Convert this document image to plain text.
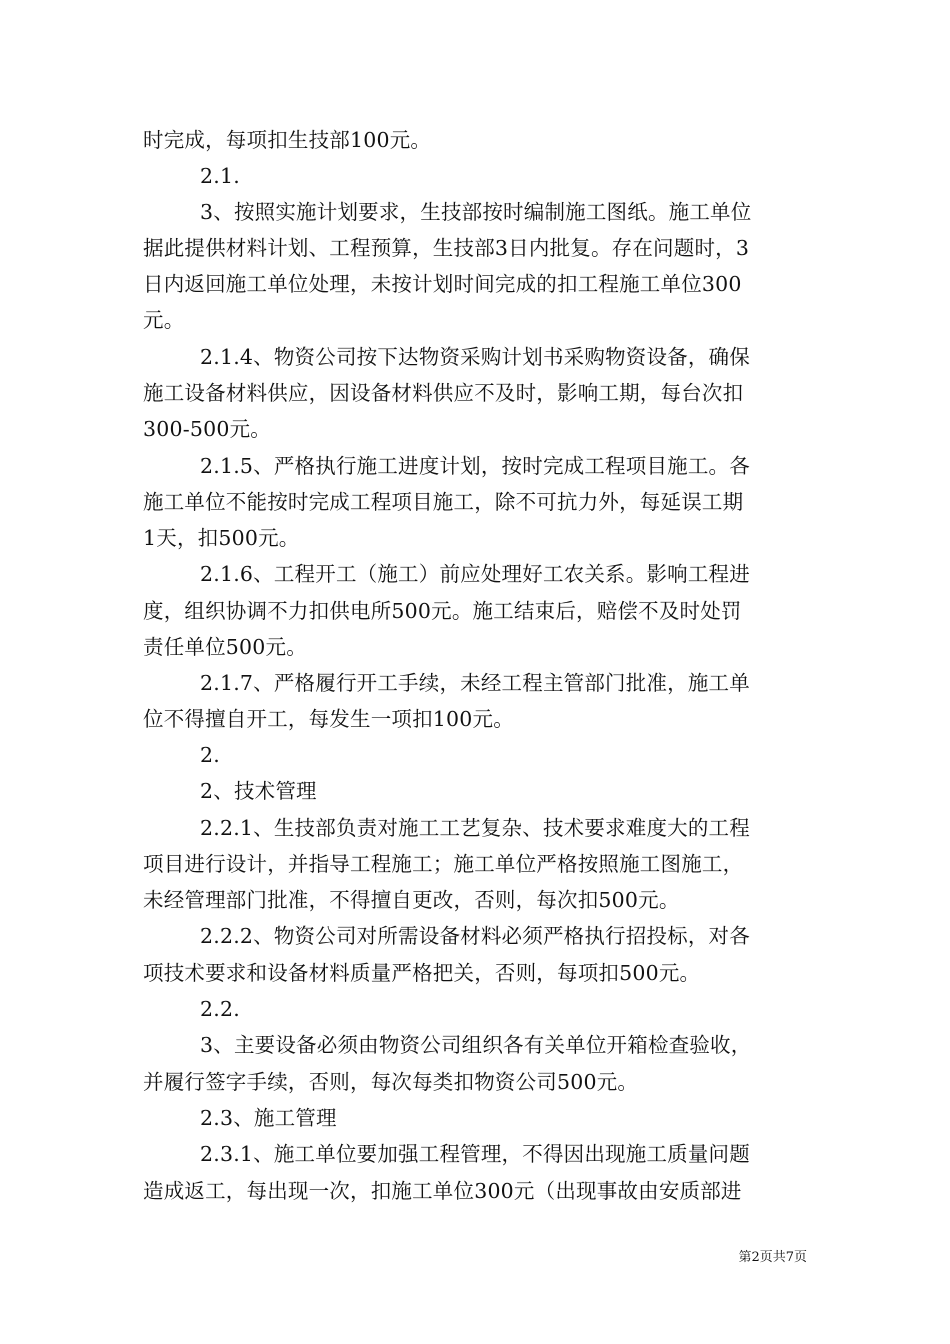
时完成，每项扣生技部100元。
2.1.
3、按照实施计划要求，生技部按时编制施工图纸。施工单位
据此提供材料计划、工程预算，生技部3日内批复。存在问题时，3
日内返回施工单位处理，未按计划时间完成的扣工程施工单位300
元。
2.1.4、物资公司按下达物资采购计划书采购物资设备，确保
施工设备材料供应，因设备材料供应不及时，影响工期，每台次扣
300-500元。
2.1.5、严格执行施工进度计划，按时完成工程项目施工。各
施工单位不能按时完成工程项目施工，除不可抗力外，每延误工期
1天，扣500元。
2.1.6、工程开工（施工）前应处理好工农关系。影响工程进
度，组织协调不力扣供电所500元。施工结束后，赔偿不及时处罚
责任单位500元。
2.1.7、严格履行开工手续，未经工程主管部门批准，施工单
位不得擅自开工，每发生一项扣100元。
2.
2、技术管理
2.2.1、生技部负责对施工工艺复杂、技术要求难度大的工程
项目进行设计，并指导工程施工；施工单位严格按照施工图施工，
未经管理部门批准，不得擅自更改，否则，每次扣500元。
2.2.2、物资公司对所需设备材料必须严格执行招投标，对各
项技术要求和设备材料质量严格把关，否则，每项扣500元。
2.2.
3、主要设备必须由物资公司组织各有关单位开箱检查验收，
并履行签字手续，否则，每次每类扣物资公司500元。
2.3、施工管理
2.3.1、施工单位要加强工程管理，不得因出现施工质量问题
造成返工，每出现一次，扣施工单位300元（出现事故由安质部进
第2页共7页
